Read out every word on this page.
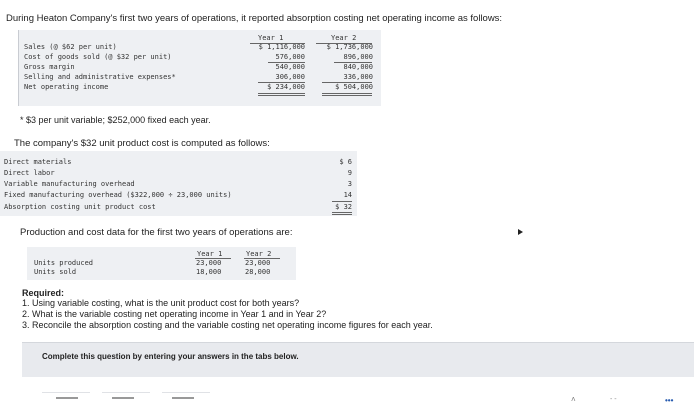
During Heaton Company's first two years of operations, it reported absorption costing net operating income as follows:
Year 1	Year 2
Sales (@ $62 per unit)	$ 1,116,000	$ 1,736,000
Cost of goods sold (@ $32 per unit)	576,000	896,000
Gross margin	540,000	840,000
Selling and administrative expenses*	306,000	336,000
Net operating income	$ 234,000	$ 504,000
* $3 per unit variable; $252,000 fixed each year.
The company's $32 unit product cost is computed as follows:
Direct materials	$ 6
Direct labor	9
Variable manufacturing overhead	3
Fixed manufacturing overhead ($322,000 ÷ 23,000 units)	14
Absorption costing unit product cost	$ 32
Production and cost data for the first two years of operations are:
Year 1	Year 2
Units produced	23,000	23,000
Units sold	18,000	28,000
Required:
1. Using variable costing, what is the unit product cost for both years?
2. What is the variable costing net operating income in Year 1 and in Year 2?
3. Reconcile the absorption costing and the variable costing net operating income figures for each year.
Complete this question by entering your answers in the tabs below.
˄	- -	•••
